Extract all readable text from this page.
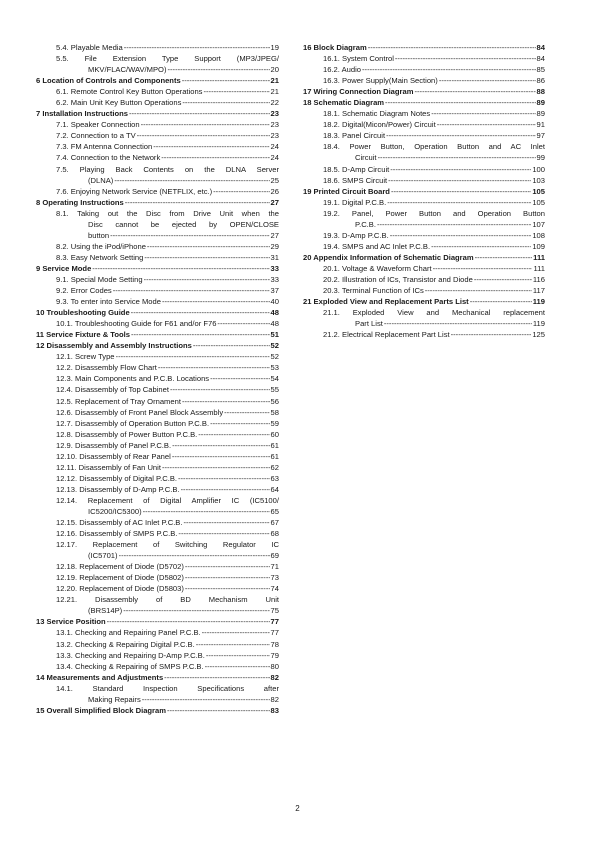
5.4. Playable Media -----	19
5.5. File Extension Type Support (MP3/JPEG/
MKV/FLAC/WAV/MPO) -----	20
6 Location of Controls and Components -----	21
6.1. Remote Control Key Button Operations -----	21
6.2. Main Unit Key Button Operations -----	22
7 Installation Instructions -----	23
7.1. Speaker Connection -----	23
7.2. Connection to a TV -----	23
7.3. FM Antenna Connection -----	24
7.4. Connection to the Network -----	24
7.5. Playing Back Contents on the DLNA Server
(DLNA) -----	25
7.6. Enjoying Network Service (NETFLIX, etc.) -----	26
8 Operating Instructions -----	27
8.1. Taking out the Disc from Drive Unit when the
Disc cannot be ejected by OPEN/CLOSE
button -----	27
8.2. Using the iPod/iPhone -----	29
8.3. Easy Network Setting -----	31
9 Service Mode -----	33
9.1. Special Mode Setting -----	33
9.2. Error Codes -----	37
9.3. To enter into Service Mode -----	40
10 Troubleshooting Guide -----	48
10.1. Troubleshooting Guide for F61 and/or F76 -----	48
11 Service Fixture & Tools -----	51
12 Disassembly and Assembly Instructions -----	52
12.1. Screw Type -----	52
12.2. Disassembly Flow Chart -----	53
12.3. Main Components and P.C.B. Locations -----	54
12.4. Disassembly of Top Cabinet -----	55
12.5. Replacement of Tray Ornament -----	56
12.6. Disassembly of Front Panel Block Assembly -----	58
12.7. Disassembly of Operation Button P.C.B. -----	59
12.8. Disassembly of Power Button P.C.B. -----	60
12.9. Disassembly of Panel P.C.B. -----	61
12.10. Disassembly of Rear Panel -----	61
12.11. Disassembly of Fan Unit -----	62
12.12. Disassembly of Digital P.C.B. -----	63
12.13. Disassembly of D-Amp P.C.B. -----	64
12.14. Replacement of Digital Amplifier IC (IC5100/
IC5200/IC5300) -----	65
12.15. Disassembly of AC Inlet P.C.B. -----	67
12.16. Disassembly of SMPS P.C.B. -----	68
12.17. Replacement of Switching Regulator IC
(IC5701) -----	69
12.18. Replacement of Diode (D5702) -----	71
12.19. Replacement of Diode (D5802) -----	73
12.20. Replacement of Diode (D5803) -----	74
12.21. Disassembly of BD Mechanism Unit
(BRS14P) -----	75
13 Service Position -----	77
13.1. Checking and Repairing Panel P.C.B. -----	77
13.2. Checking & Repairing Digital P.C.B. -----	78
13.3. Checking and Repairing D-Amp P.C.B. -----	79
13.4. Checking & Repairing of SMPS P.C.B. -----	80
14 Measurements and Adjustments -----	82
14.1. Standard Inspection Specifications after
Making Repairs -----	82
15 Overall Simplified Block Diagram -----	83
16 Block Diagram -----	84
16.1. System Control -----	84
16.2. Audio -----	85
16.3. Power Supply(Main Section) -----	86
17 Wiring Connection Diagram -----	88
18 Schematic Diagram -----	89
18.1. Schematic Diagram Notes -----	89
18.2. Digital(Micon/Power) Circuit -----	91
18.3. Panel Circuit -----	97
18.4. Power Button, Operation Button and AC Inlet
Circuit -----	99
18.5. D-Amp Circuit -----	100
18.6. SMPS Circuit -----	103
19 Printed Circuit Board -----	105
19.1. Digital P.C.B. -----	105
19.2. Panel, Power Button and Operation Button
P.C.B. -----	107
19.3. D-Amp P.C.B. -----	108
19.4. SMPS and AC Inlet P.C.B. -----	109
20 Appendix Information of Schematic Diagram -----	111
20.1. Voltage & Waveform Chart -----	111
20.2. Illustration of ICs, Transistor and Diode -----	116
20.3. Terminal Function of ICs -----	117
21 Exploded View and Replacement Parts List -----	119
21.1. Exploded View and Mechanical replacement
Part List -----	119
21.2. Electrical Replacement Part List -----	125
2
